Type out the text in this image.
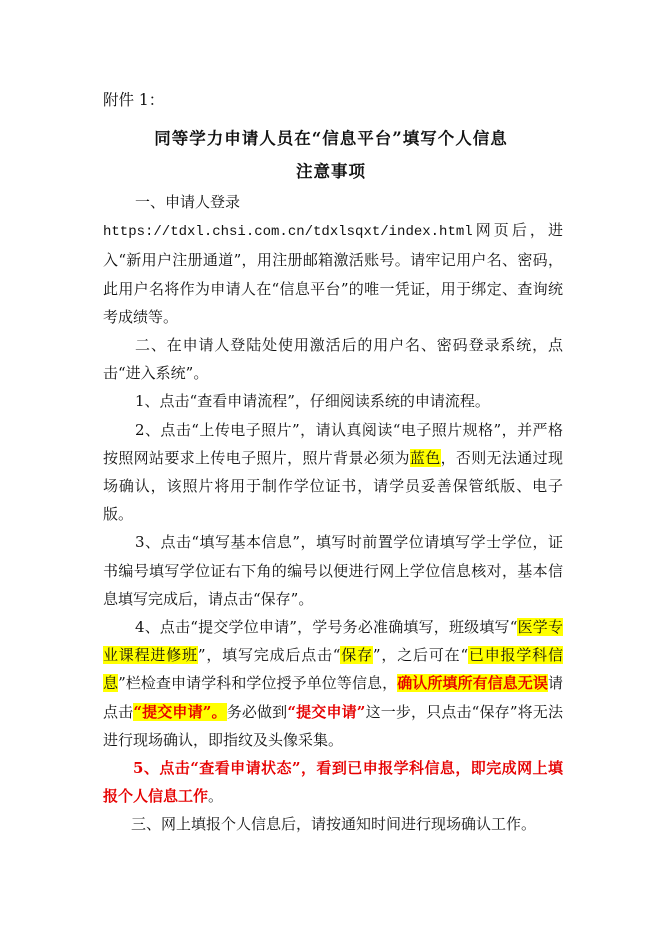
附件 1：
同等学力申请人员在“信息平台”填写个人信息
注意事项

一、申请人登录

https://tdxl.chsi.com.cn/tdxlsqxt/index.html网页后，进入“新用户注册通道”，用注册邮箱激活账号。请牢记用户名、密码，此用户名将作为申请人在“信息平台”的唯一凭证，用于绑定、查询统考成绩等。

二、在申请人登陆处使用激活后的用户名、密码登录系统，点击“进入系统”。

1、点击“查看申请流程”，仔细阅读系统的申请流程。

2、点击“上传电子照片”，请认真阅读“电子照片规格”，并严格按照网站要求上传电子照片，照片背景必须为蓝色，否则无法通过现场确认，该照片将用于制作学位证书，请学员妥善保管纸版、电子版。

3、点击“填写基本信息”，填写时前置学位请填写学士学位，证书编号填写学位证右下角的编号以便进行网上学位信息核对，基本信息填写完成后，请点击“保存”。

4、点击“提交学位申请”，学号务必准确填写，班级填写“医学专业课程进修班”，填写完成后点击“保存”，之后可在“已申报学科信息”栏检查申请学科和学位授予单位等信息，确认所填所有信息无误请点击“提交申请”。务必做到“提交申请”这一步，只点击“保存”将无法进行现场确认，即指纹及头像采集。

5、点击“查看申请状态”，看到已申报学科信息，即完成网上填报个人信息工作。

三、网上填报个人信息后，请按通知时间进行现场确认工作。
